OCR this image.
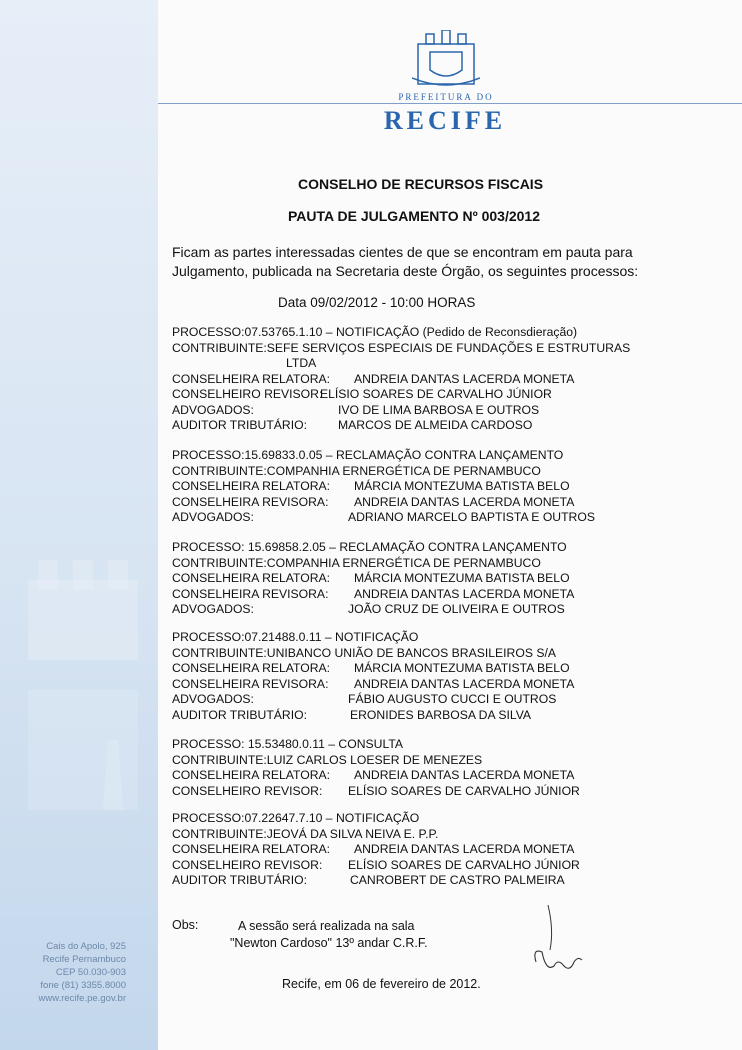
PREFEITURA DO
RECIFE
CONSELHO DE RECURSOS FISCAIS
PAUTA DE JULGAMENTO Nº 003/2012
Ficam as partes interessadas cientes de que se encontram em pauta para
Julgamento, publicada na Secretaria deste Órgão, os seguintes processos:
Data 09/02/2012 - 10:00 HORAS
PROCESSO:07.53765.1.10 – NOTIFICAÇÃO (Pedido de Reconsdieração)
CONTRIBUINTE:SEFE SERVIÇOS ESPECIAIS DE FUNDAÇÕES E ESTRUTURAS
LTDA
CONSELHEIRA RELATORA: ANDREIA DANTAS LACERDA MONETA
CONSELHEIRO REVISOR:
ELÍSIO SOARES DE CARVALHO JÚNIOR
ADVOGADOS:	IVO DE LIMA BARBOSA E OUTROS
AUDITOR TRIBUTÁRIO:	MARCOS DE ALMEIDA CARDOSO
PROCESSO:15.69833.0.05 – RECLAMAÇÃO CONTRA LANÇAMENTO
CONTRIBUINTE:COMPANHIA ERNERGÉTICA DE PERNAMBUCO
CONSELHEIRA RELATORA: MÁRCIA MONTEZUMA BATISTA BELO
CONSELHEIRA REVISORA: ANDREIA DANTAS LACERDA MONETA
ADVOGADOS:	ADRIANO MARCELO BAPTISTA E OUTROS
PROCESSO: 15.69858.2.05 – RECLAMAÇÃO CONTRA LANÇAMENTO
CONTRIBUINTE:COMPANHIA ERNERGÉTICA DE PERNAMBUCO
CONSELHEIRA RELATORA: MÁRCIA MONTEZUMA BATISTA BELO
CONSELHEIRA REVISORA: ANDREIA DANTAS LACERDA MONETA
ADVOGADOS:	JOÃO CRUZ DE OLIVEIRA E OUTROS
PROCESSO:07.21488.0.11 – NOTIFICAÇÃO
CONTRIBUINTE:UNIBANCO UNIÃO DE BANCOS BRASILEIROS S/A
CONSELHEIRA RELATORA: MÁRCIA MONTEZUMA BATISTA BELO
CONSELHEIRA REVISORA: ANDREIA DANTAS LACERDA MONETA
ADVOGADOS:	FÁBIO AUGUSTO CUCCI E OUTROS
AUDITOR TRIBUTÁRIO:	ERONIDES BARBOSA DA SILVA
PROCESSO: 15.53480.0.11 – CONSULTA
CONTRIBUINTE:LUIZ CARLOS LOESER DE MENEZES
CONSELHEIRA RELATORA: ANDREIA DANTAS LACERDA MONETA
CONSELHEIRO REVISOR: ELÍSIO SOARES DE CARVALHO JÚNIOR
PROCESSO:07.22647.7.10 – NOTIFICAÇÃO
CONTRIBUINTE:JEOVÁ DA SILVA NEIVA E. P.P.
CONSELHEIRA RELATORA: ANDREIA DANTAS LACERDA MONETA
CONSELHEIRO REVISOR: ELÍSIO SOARES DE CARVALHO JÚNIOR
AUDITOR TRIBUTÁRIO:	CANROBERT DE CASTRO PALMEIRA
Obs:	A sessão será realizada na sala
"Newton Cardoso" 13º andar C.R.F.
Recife, em 06 de fevereiro de 2012.
Cais do Apolo, 925
Recife Pernambuco
CEP 50.030-903
fone (81) 3355.8000
www.recife.pe.gov.br
